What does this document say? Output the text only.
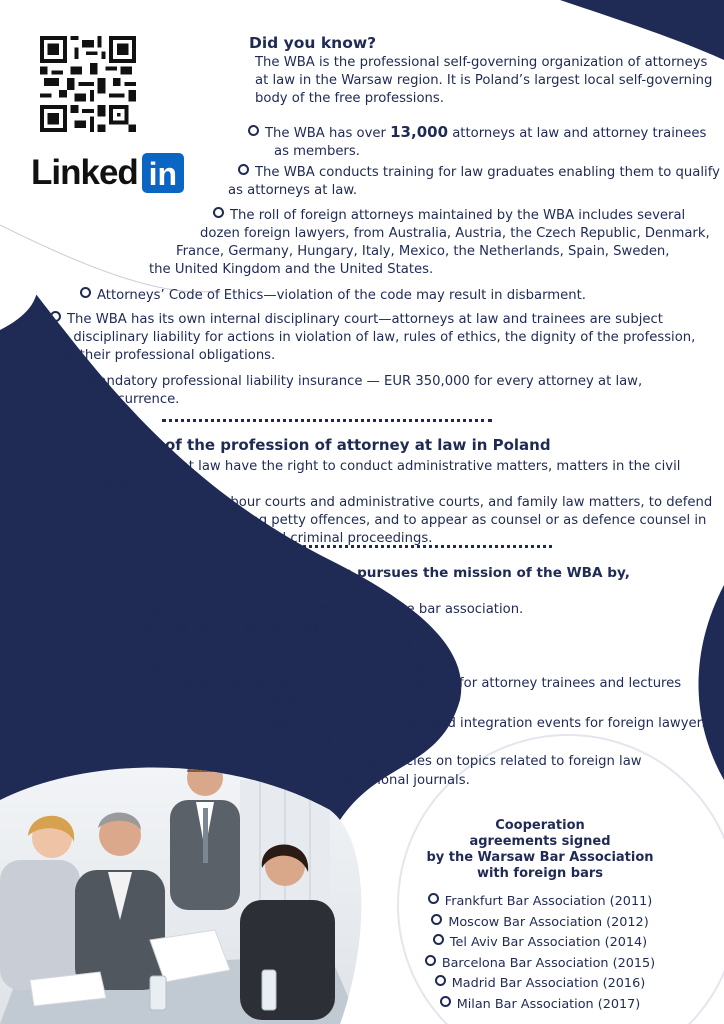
Linked in
Did you know?
The WBA is the professional self-governing organization of attorneys
at law in the Warsaw region. It is Poland’s largest local self-governing
body of the free professions.
The WBA has over 13,000 attorneys at law and attorney trainees
as members.
The WBA conducts training for law graduates enabling them to qualify
as attorneys at law.
The roll of foreign attorneys maintained by the WBA includes several
dozen foreign lawyers, from Australia, Austria, the Czech Republic, Denmark,
France, Germany, Hungary, Italy, Mexico, the Netherlands, Spain, Sweden,
the United Kingdom and the United States.
Attorneys’ Code of Ethics—violation of the code may result in disbarment.
The WBA has its own internal disciplinary court—attorneys at law and trainees are subject
to disciplinary liability for actions in violation of law, rules of ethics, the dignity of the profession,
or their professional obligations.
Mandatory professional liability insurance — EUR 350,000 for every attorney at law,
per occurrence.
Practice of the profession of attorney at law in Poland
Attorneys at law have the right to conduct administrative matters, matters in the civil courts,
commercial courts, labour courts and administrative courts, and family law matters, to defend
clients in matters involving petty offences, and to appear as counsel or as defence counsel in
criminal matters and fiscal criminal proceedings.
The Foreign Affairs Committee pursues the mission of the WBA by,
among other things:
Organizing study trips for members of the bar association.
Hosting foreign delegations.
Cooperation in organizing foreign internships.
Organizing seminars and lectures on foreign law.
Encouraging foreign lawyers to conduct training for attorney trainees and lectures
for members of the bar association.
Organizing legal seminars and integration events for foreign lawyers
in Poland.
Publishing articles on topics related to foreign law
in professional journals.
Cooperation
agreements signed
by the Warsaw Bar Association
with foreign bars
Frankfurt Bar Association (2011)
Moscow Bar Association (2012)
Tel Aviv Bar Association (2014)
Barcelona Bar Association (2015)
Madrid Bar Association (2016)
Milan Bar Association (2017)
